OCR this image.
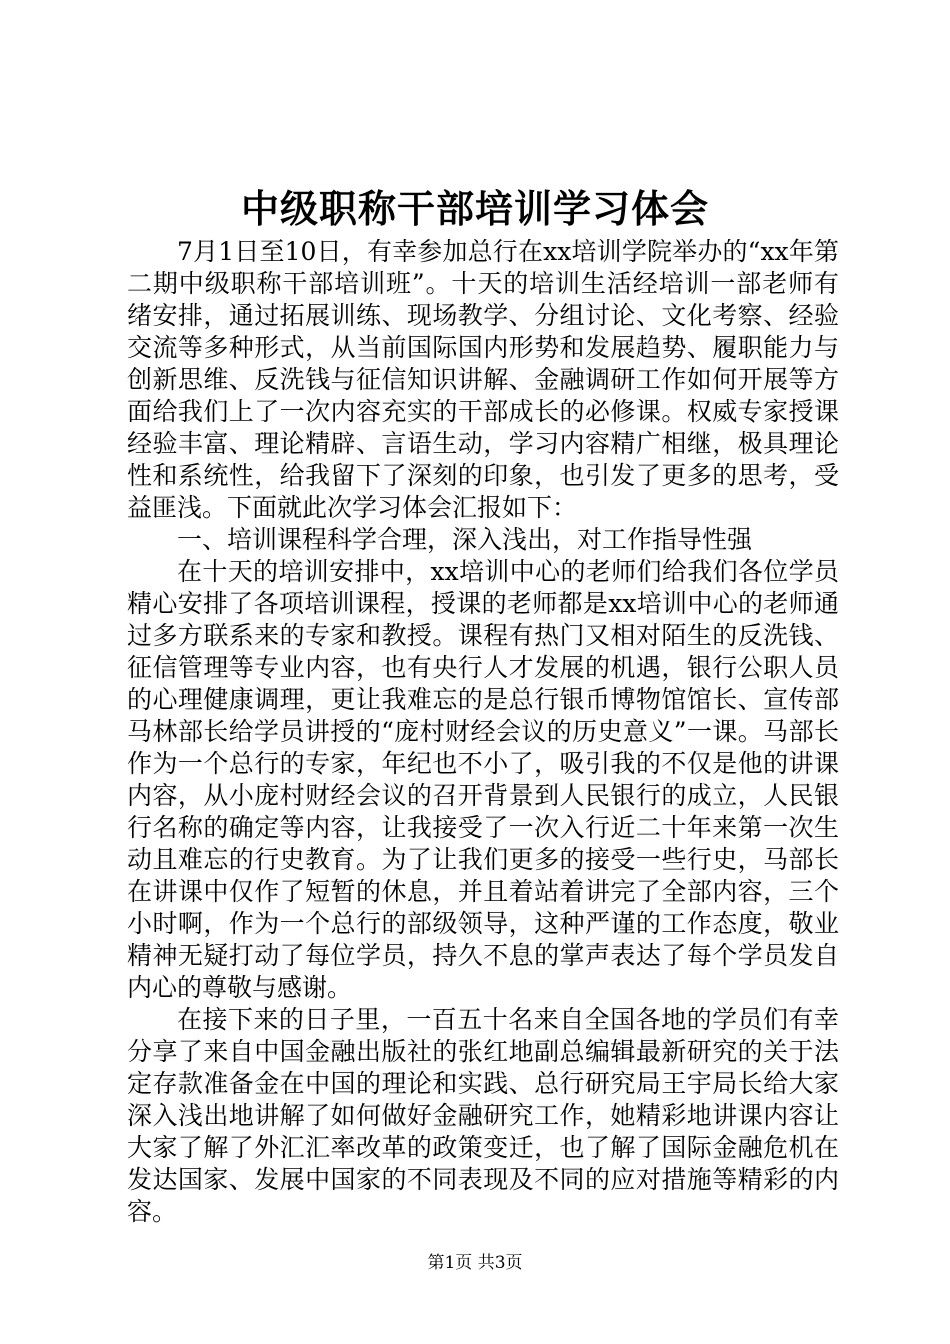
中级职称干部培训学习体会

7月1日至10日，有幸参加总行在xx培训学院举办的“xx年第二期中级职称干部培训班”。十天的培训生活经培训一部老师有绪安排，通过拓展训练、现场教学、分组讨论、文化考察、经验交流等多种形式，从当前国际国内形势和发展趋势、履职能力与创新思维、反洗钱与征信知识讲解、金融调研工作如何开展等方面给我们上了一次内容充实的干部成长的必修课。权威专家授课经验丰富、理论精辟、言语生动，学习内容精广相继，极具理论性和系统性，给我留下了深刻的印象，也引发了更多的思考，受益匪浅。下面就此次学习体会汇报如下：

一、培训课程科学合理，深入浅出，对工作指导性强

在十天的培训安排中，xx培训中心的老师们给我们各位学员精心安排了各项培训课程，授课的老师都是xx培训中心的老师通过多方联系来的专家和教授。课程有热门又相对陌生的反洗钱、征信管理等专业内容，也有央行人才发展的机遇，银行公职人员的心理健康调理，更让我难忘的是总行银币博物馆馆长、宣传部马林部长给学员讲授的“庞村财经会议的历史意义”一课。马部长作为一个总行的专家，年纪也不小了，吸引我的不仅是他的讲课内容，从小庞村财经会议的召开背景到人民银行的成立，人民银行名称的确定等内容，让我接受了一次入行近二十年来第一次生动且难忘的行史教育。为了让我们更多的接受一些行史，马部长在讲课中仅作了短暂的休息，并且着站着讲完了全部内容，三个小时啊，作为一个总行的部级领导，这种严谨的工作态度，敬业精神无疑打动了每位学员，持久不息的掌声表达了每个学员发自内心的尊敬与感谢。

在接下来的日子里，一百五十名来自全国各地的学员们有幸分享了来自中国金融出版社的张红地副总编辑最新研究的关于法定存款准备金在中国的理论和实践、总行研究局王宇局长给大家深入浅出地讲解了如何做好金融研究工作，她精彩地讲课内容让大家了解了外汇汇率改革的政策变迁，也了解了国际金融危机在发达国家、发展中国家的不同表现及不同的应对措施等精彩的内容。

第1页 共3页
